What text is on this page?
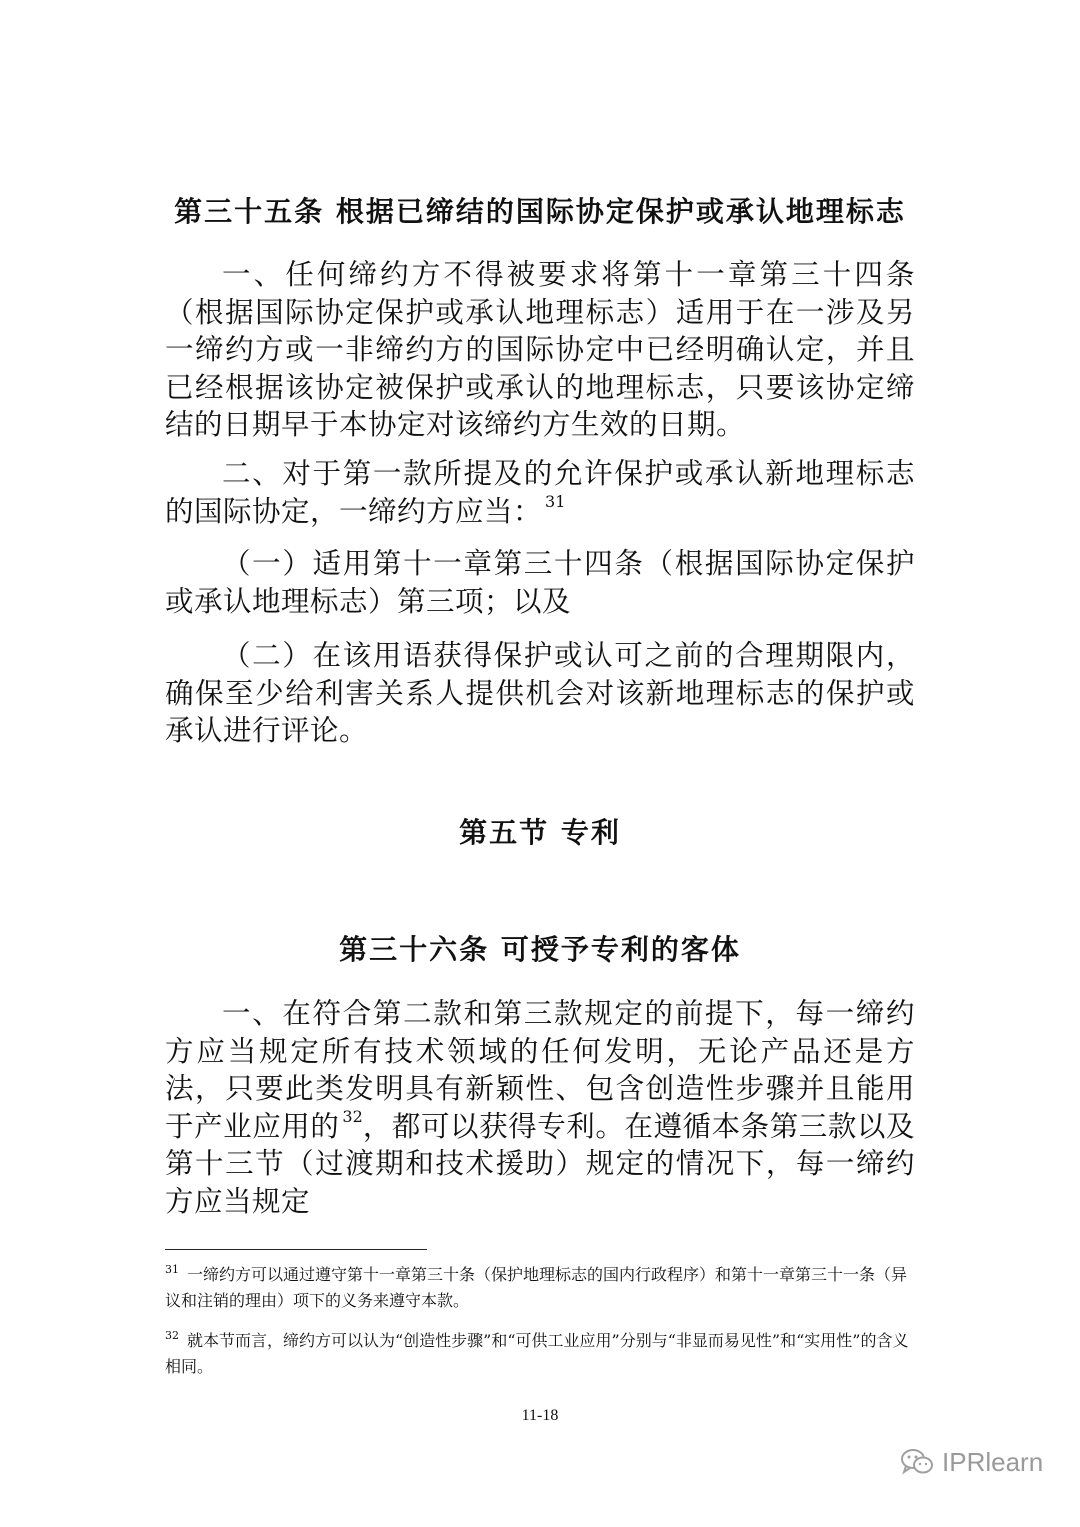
第三十五条 根据已缔结的国际协定保护或承认地理标志
一、任何缔约方不得被要求将第十一章第三十四条（根据国际协定保护或承认地理标志）适用于在一涉及另一缔约方或一非缔约方的国际协定中已经明确认定，并且已经根据该协定被保护或承认的地理标志，只要该协定缔结的日期早于本协定对该缔约方生效的日期。
二、对于第一款所提及的允许保护或承认新地理标志的国际协定，一缔约方应当： $^{31}$
（一）适用第十一章第三十四条（根据国际协定保护或承认地理标志）第三项；以及
（二）在该用语获得保护或认可之前的合理期限内，确保至少给利害关系人提供机会对该新地理标志的保护或承认进行评论。
第五节 专利
第三十六条 可授予专利的客体
一、在符合第二款和第三款规定的前提下，每一缔约方应当规定所有技术领域的任何发明，无论产品还是方法，只要此类发明具有新颖性、包含创造性步骤并且能用于产业应用的 $^{32}$，都可以获得专利。在遵循本条第三款以及第十三节（过渡期和技术援助）规定的情况下，每一缔约方应当规定
$^{31}$ 一缔约方可以通过遵守第十一章第三十条（保护地理标志的国内行政程序）和第十一章第三十一条（异议和注销的理由）项下的义务来遵守本款。
$^{32}$ 就本节而言，缔约方可以认为“创造性步骤”和“可供工业应用”分别与“非显而易见性”和“实用性”的含义相同。
11-18
IPRlearn
